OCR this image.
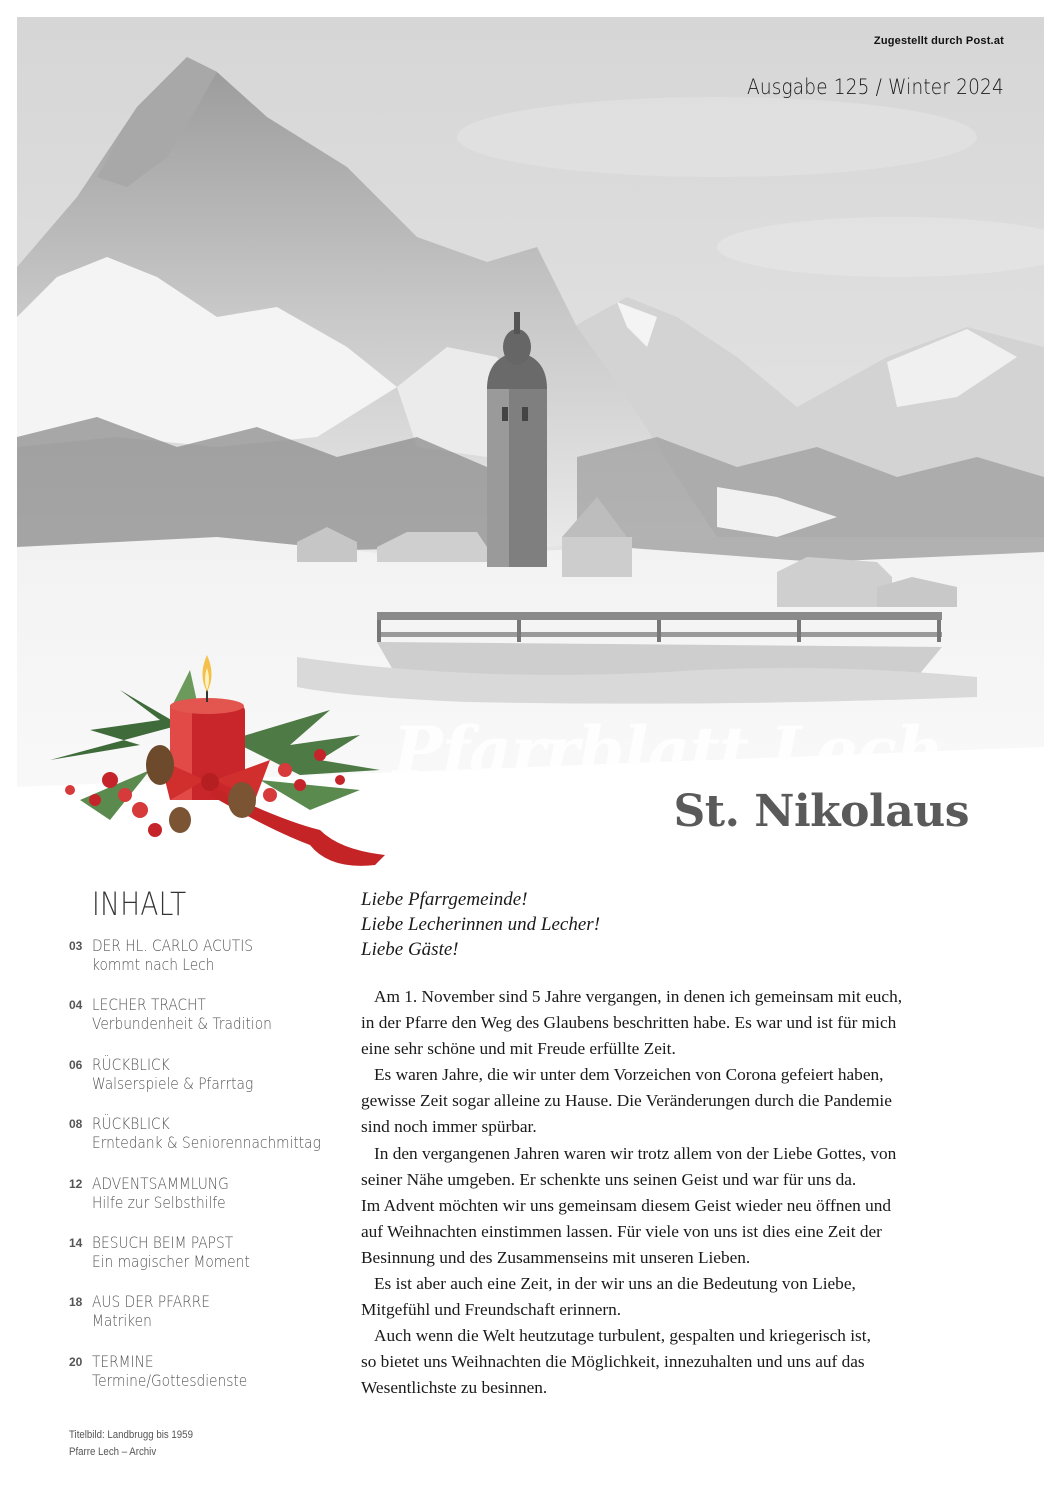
Zugestellt durch Post.at
Ausgabe 125 / Winter 2024
Pfarrblatt Lech
St. Nikolaus
INHALT
03 DER HL. CARLO ACUTIS
kommt nach Lech
04 LECHER TRACHT
Verbundenheit & Tradition
06 RÜCKBLICK
Walserspiele & Pfarrtag
08 RÜCKBLICK
Erntedank & Seniorennachmittag
12 ADVENTSAMMLUNG
Hilfe zur Selbsthilfe
14 BESUCH BEIM PAPST
Ein magischer Moment
18 AUS DER PFARRE
Matriken
20 TERMINE
Termine/Gottesdienste
Titelbild: Landbrugg bis 1959
Pfarre Lech – Archiv
Liebe Pfarrgemeinde!
Liebe Lecherinnen und Lecher!
Liebe Gäste!
Am 1. November sind 5 Jahre vergangen, in denen ich gemeinsam mit euch,
in der Pfarre den Weg des Glaubens beschritten habe. Es war und ist für mich
eine sehr schöne und mit Freude erfüllte Zeit.
Es waren Jahre, die wir unter dem Vorzeichen von Corona gefeiert haben,
gewisse Zeit sogar alleine zu Hause. Die Veränderungen durch die Pandemie
sind noch immer spürbar.
In den vergangenen Jahren waren wir trotz allem von der Liebe Gottes, von
seiner Nähe umgeben. Er schenkte uns seinen Geist und war für uns da.
Im Advent möchten wir uns gemeinsam diesem Geist wieder neu öffnen und
auf Weihnachten einstimmen lassen. Für viele von uns ist dies eine Zeit der
Besinnung und des Zusammenseins mit unseren Lieben.
Es ist aber auch eine Zeit, in der wir uns an die Bedeutung von Liebe,
Mitgefühl und Freundschaft erinnern.
Auch wenn die Welt heutzutage turbulent, gespalten und kriegerisch ist,
so bietet uns Weihnachten die Möglichkeit, innezuhalten und uns auf das
Wesentlichste zu besinnen.
